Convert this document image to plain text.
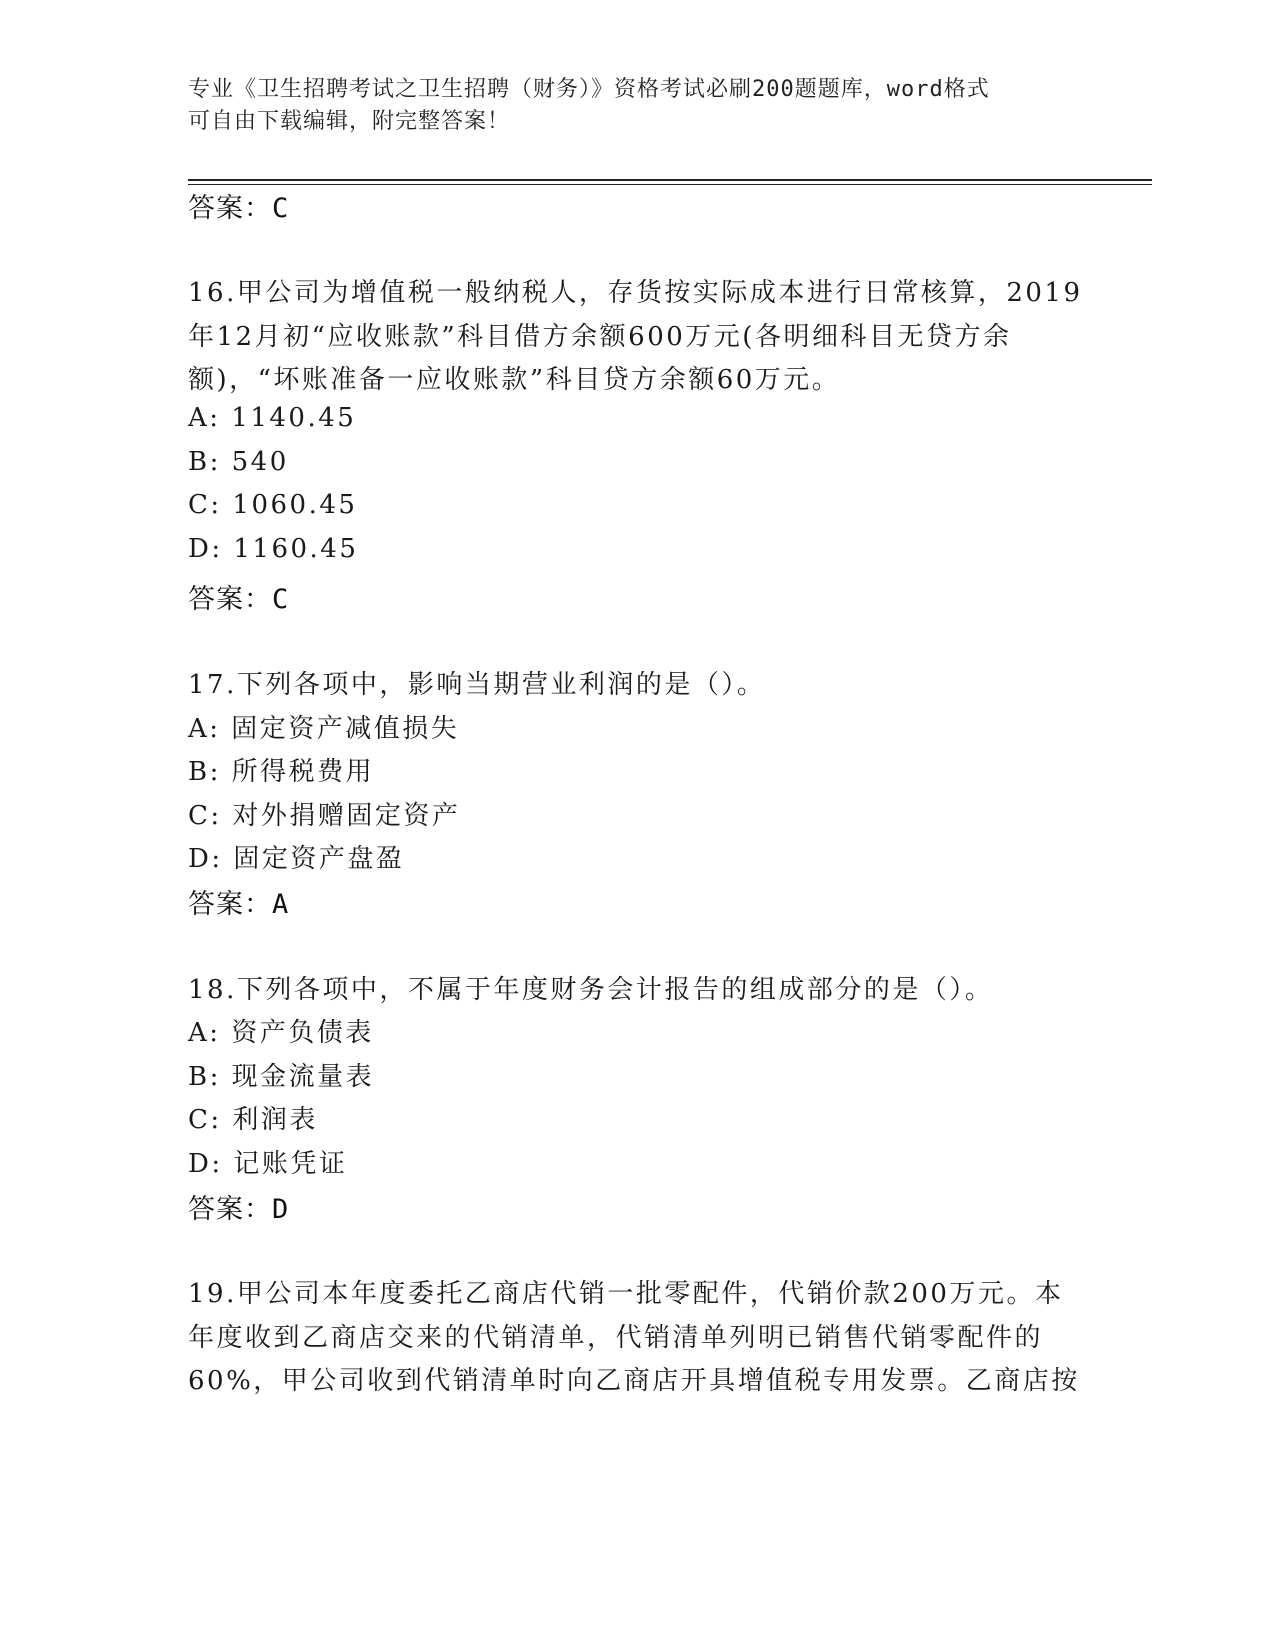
专业《卫生招聘考试之卫生招聘（财务）》资格考试必刷200题题库，word格式
可自由下载编辑，附完整答案！
答案：C
16.甲公司为增值税一般纳税人，存货按实际成本进行日常核算，2019
年12月初“应收账款”科目借方余额600万元(各明细科目无贷方余
额)，“坏账准备一应收账款”科目贷方余额60万元。
A: 1140.45
B: 540
C: 1060.45
D: 1160.45
答案：C
17.下列各项中，影响当期营业利润的是（）。
A: 固定资产减值损失
B: 所得税费用
C: 对外捐赠固定资产
D: 固定资产盘盈
答案：A
18.下列各项中，不属于年度财务会计报告的组成部分的是（）。
A: 资产负债表
B: 现金流量表
C: 利润表
D: 记账凭证
答案：D
19.甲公司本年度委托乙商店代销一批零配件，代销价款200万元。本
年度收到乙商店交来的代销清单，代销清单列明已销售代销零配件的
60%，甲公司收到代销清单时向乙商店开具增值税专用发票。乙商店按
